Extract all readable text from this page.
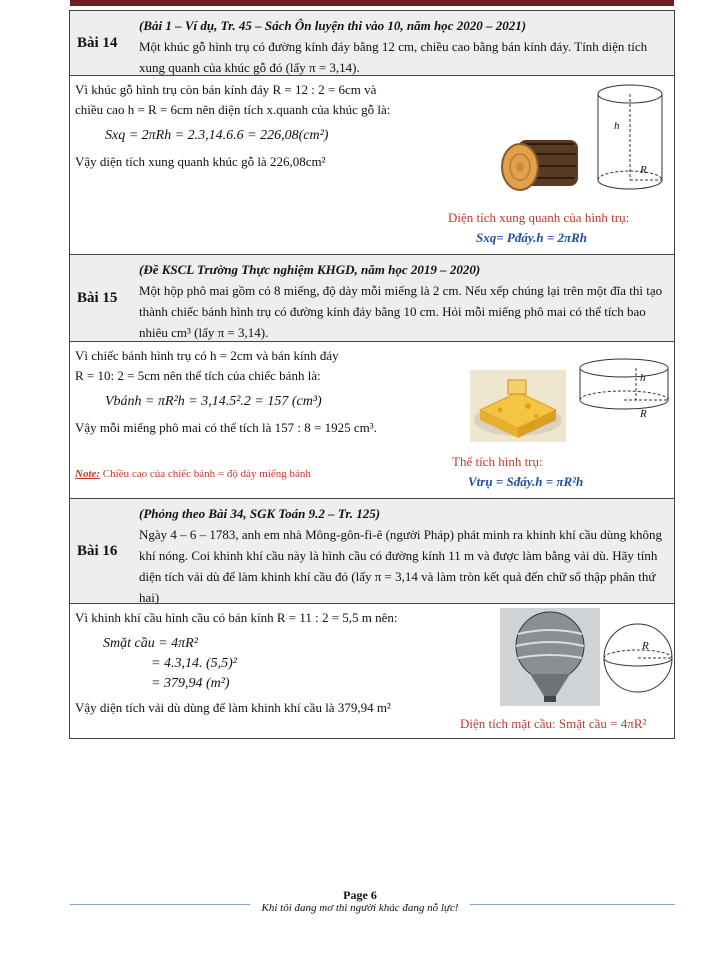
Bài 14
(Bài 1 – Ví dụ, Tr. 45 – Sách Ôn luyện thi vào 10, năm học 2020 – 2021)
Một khúc gỗ hình trụ có đường kính đáy bằng 12 cm, chiều cao bằng bán kính đáy. Tính diện tích xung quanh của khúc gỗ đó (lấy π = 3,14).
Vì khúc gỗ hình trụ còn bán kính đáy R = 12 : 2 = 6cm và
chiều cao h = R = 6cm nên diện tích x.quanh của khúc gỗ là:
Sxq = 2πRh = 2.3,14.6.6 = 226,08(cm²)
Vậy diện tích xung quanh khúc gỗ là 226,08cm²
h
R
Diện tích xung quanh của hình trụ:
Sxq= Pđáy.h = 2πRh
Bài 15
(Đề KSCL Trường Thực nghiệm KHGD, năm học 2019 – 2020)
Một hộp phô mai gồm có 8 miếng, độ dày mỗi miếng là 2 cm. Nếu xếp chúng lại trên một đĩa thì tạo thành chiếc bánh hình trụ có đường kính đáy bằng 10 cm. Hỏi mỗi miếng phô mai có thể tích bao nhiêu cm³ (lấy π = 3,14).
Vì chiếc bánh hình trụ có h = 2cm và bán kính đáy
R = 10: 2 = 5cm nên thể tích của chiếc bánh là:
Vbánh = πR²h = 3,14.5².2 = 157 (cm³)
Vậy mỗi miếng phô mai có thể tích là 157 : 8 = 1925 cm³.
Note: Chiều cao của chiếc bánh = độ dày miếng bánh
h
R
Thể tích hình trụ:
Vtrụ = Sđáy.h = πR²h
Bài 16
(Phỏng theo Bài 34, SGK Toán 9.2 – Tr. 125)
Ngày 4 – 6 – 1783, anh em nhà Mông-gôn-fi-ê (người Pháp) phát minh ra khinh khí cầu dùng không khí nóng. Coi khinh khí cầu này là hình cầu có đường kính 11 m và được làm bằng vải dù. Hãy tính diện tích vải dù để làm khinh khí cầu đó (lấy π = 3,14 và làm tròn kết quả đến chữ số thập phân thứ hai)
Vì khinh khí cầu hình cầu có bán kính R = 11 : 2 = 5,5 m nên:
Smặt cầu = 4πR²
= 4.3,14. (5,5)²
= 379,94 (m²)
Vậy diện tích vải dù dùng để làm khinh khí cầu là 379,94 m²
R
Diện tích mặt cầu: Smặt cầu = 4πR²
Page 6
Khi tôi đang mơ thì người khác đang nỗ lực!
